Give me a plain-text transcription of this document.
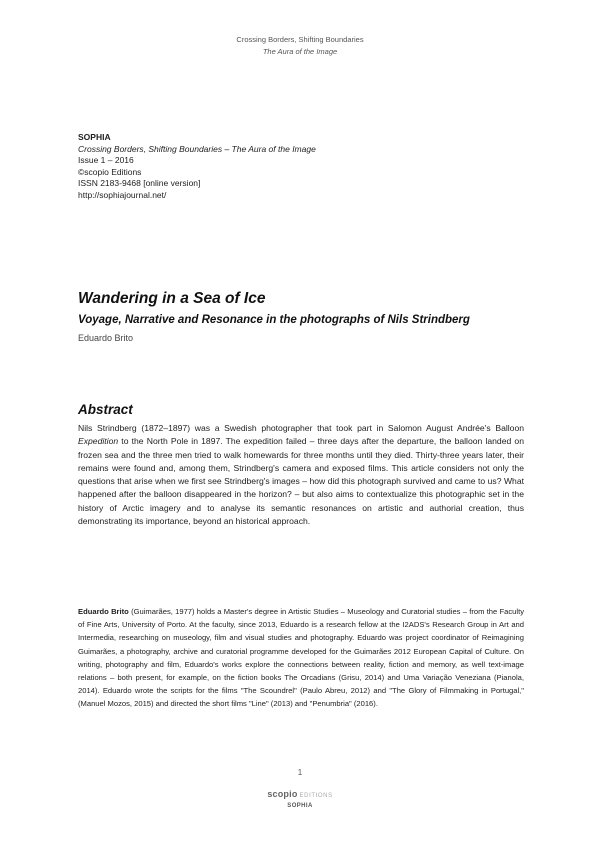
Crossing Borders, Shifting Boundaries
The Aura of the Image
SOPHIA
Crossing Borders, Shifting Boundaries – The Aura of the Image
Issue 1 – 2016
©scopio Editions
ISSN 2183-9468 [online version]
http://sophiajournal.net/
Wandering in a Sea of Ice
Voyage, Narrative and Resonance in the photographs of Nils Strindberg
Eduardo Brito
Abstract

Nils Strindberg (1872–1897) was a Swedish photographer that took part in Salomon August Andrée's Balloon Expedition to the North Pole in 1897. The expedition failed – three days after the departure, the balloon landed on frozen sea and the three men tried to walk homewards for three months until they died. Thirty-three years later, their remains were found and, among them, Strindberg's camera and exposed films. This article considers not only the questions that arise when we first see Strindberg's images – how did this photograph survived and came to us? What happened after the balloon disappeared in the horizon? – but also aims to contextualize this photographic set in the history of Arctic imagery and to analyse its semantic resonances on artistic and authorial creation, thus demonstrating its importance, beyond an historical approach.

Eduardo Brito (Guimarães, 1977) holds a Master's degree in Artistic Studies – Museology and Curatorial studies – from the Faculty of Fine Arts, University of Porto. At the faculty, since 2013, Eduardo is a research fellow at the I2ADS's Research Group in Art and Intermedia, researching on museology, film and visual studies and photography. Eduardo was project coordinator of Reimagining Guimarães, a photography, archive and curatorial programme developed for the Guimarães 2012 European Capital of Culture. On writing, photography and film, Eduardo's works explore the connections between reality, fiction and memory, as well text-image relations – both present, for example, on the fiction books The Orcadians (Grisu, 2014) and Uma Variação Veneziana (Pianola, 2014). Eduardo wrote the scripts for the films "The Scoundrel" (Paulo Abreu, 2012) and "The Glory of Filmmaking in Portugal," (Manuel Mozos, 2015) and directed the short films "Line" (2013) and "Penumbria" (2016).

1
scopio EDITIONS
SOPHIA
